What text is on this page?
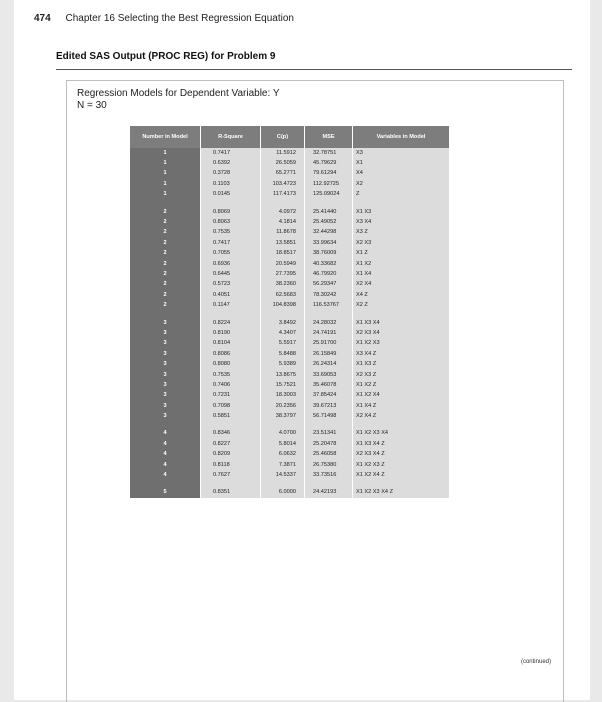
474 Chapter 16 Selecting the Best Regression Equation
Edited SAS Output (PROC REG) for Problem 9
Regression Models for Dependent Variable: Y
N = 30
Number in Model	R-Square	C(p)	MSE	Variables in Model
1	0.7417	11.5912	32.78751	X3
1	0.6392	26.5059	45.79629	X1
1	0.3728	65.2771	79.61294	X4
1	0.1103	103.4723	112.92725	X2
1	0.0145	117.4173	125.09024	Z

2	0.8069	4.0972	25.41440	X1 X3
2	0.8063	4.1814	25.49052	X3 X4
2	0.7535	11.8678	32.44298	X3 Z
2	0.7417	13.5851	33.99634	X2 X3
2	0.7055	18.8517	38.76009	X1 Z
2	0.6936	20.5949	40.33682	X1 X2
2	0.6445	27.7395	46.79920	X1 X4
2	0.5723	38.2360	56.29347	X2 X4
2	0.4051	62.5683	78.30242	X4 Z
2	0.1147	104.8398	116.53767	X2 Z

3	0.8224	3.8492	24.28032	X1 X3 X4
3	0.8190	4.3407	24.74191	X2 X3 X4
3	0.8104	5.5917	25.91700	X1 X2 X3
3	0.8086	5.8488	26.15849	X3 X4 Z
3	0.8080	5.9389	26.24314	X1 X3 Z
3	0.7535	13.8675	33.69053	X2 X3 Z
3	0.7406	15.7521	35.46078	X1 X2 Z
3	0.7231	18.3003	37.85424	X1 X2 X4
3	0.7098	20.2356	39.67213	X1 X4 Z
3	0.5851	38.3797	56.71498	X2 X4 Z

4	0.8346	4.0700	23.51341	X1 X2 X3 X4
4	0.8227	5.8014	25.20478	X1 X3 X4 Z
4	0.8209	6.0632	25.46058	X2 X3 X4 Z
4	0.8118	7.3871	26.75380	X1 X2 X3 Z
4	0.7627	14.5337	33.73516	X1 X2 X4 Z

5	0.8351	6.0000	24.42193	X1 X2 X3 X4 Z
(continued)
